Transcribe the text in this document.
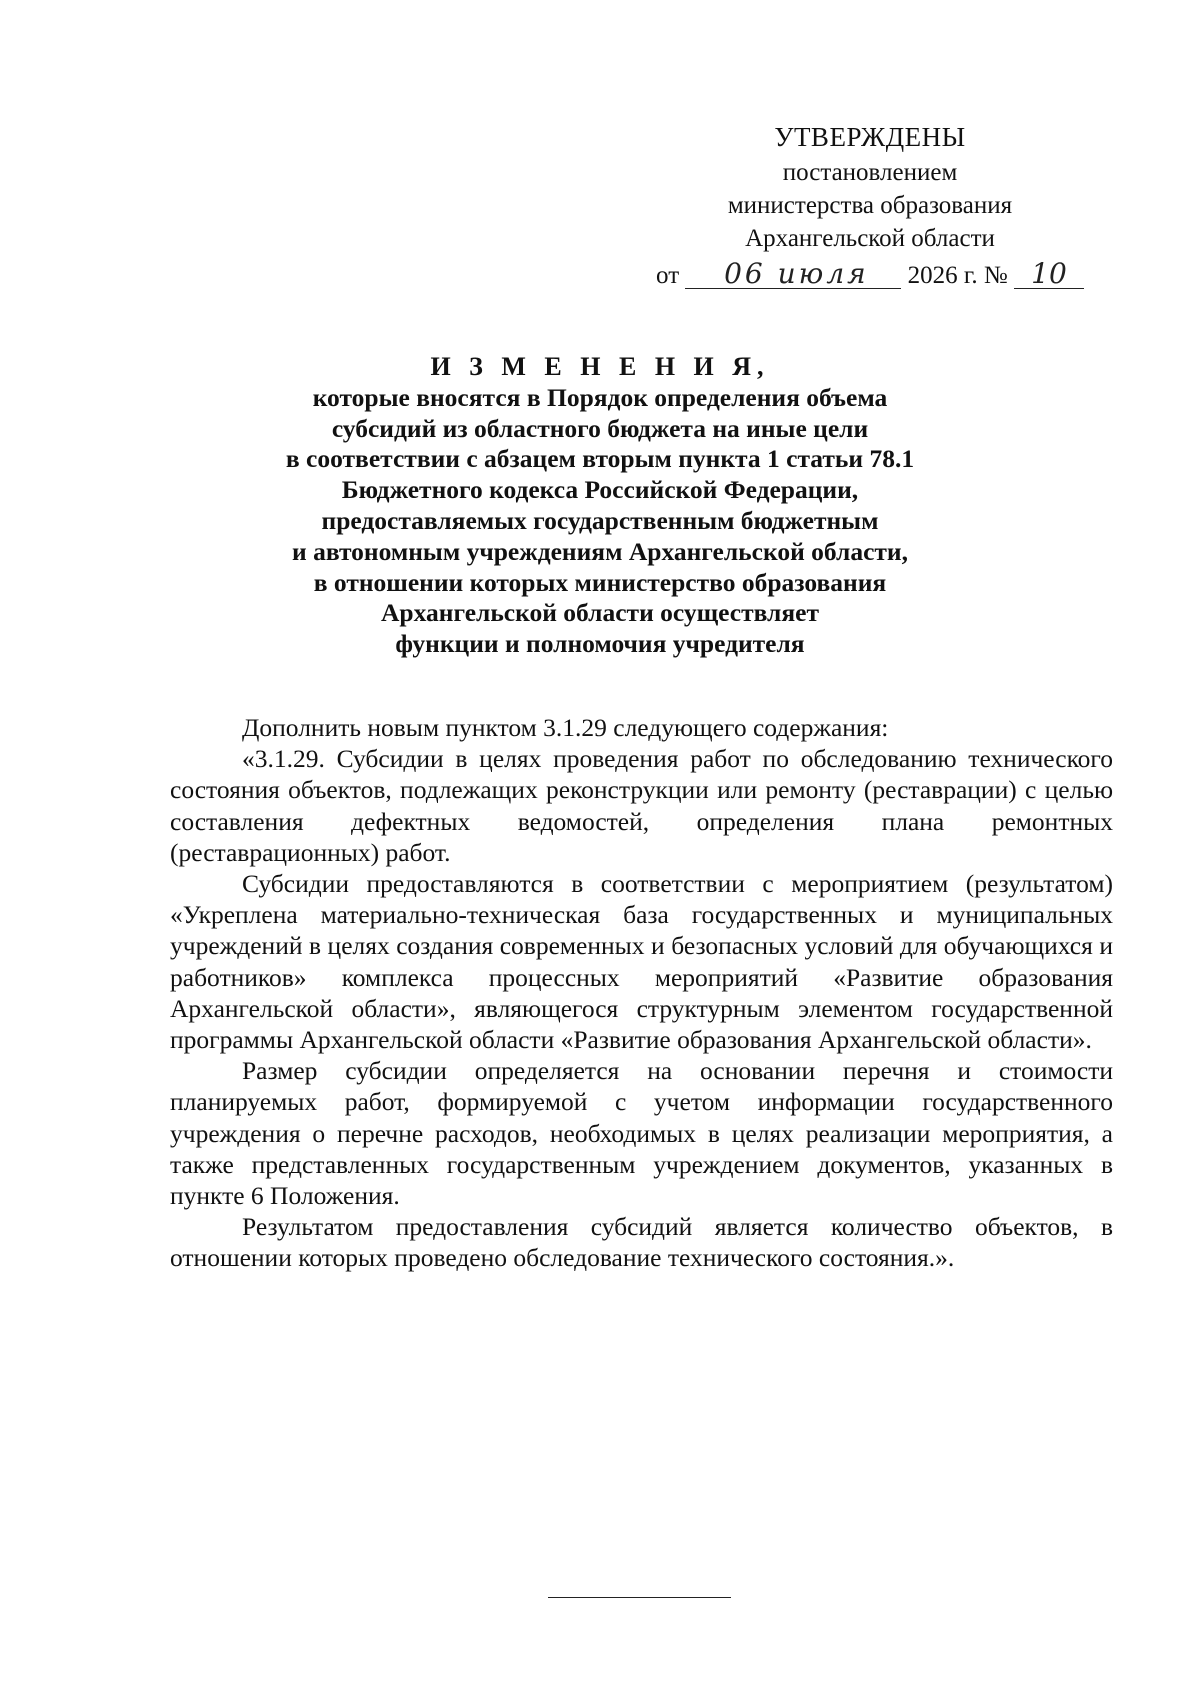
УТВЕРЖДЕНЫ
постановлением
министерства образования
Архангельской области
от 06 июля 2026 г. № 10
И З М Е Н Е Н И Я,
которые вносятся в Порядок определения объема
субсидий из областного бюджета на иные цели
в соответствии с абзацем вторым пункта 1 статьи 78.1
Бюджетного кодекса Российской Федерации,
предоставляемых государственным бюджетным
и автономным учреждениям Архангельской области,
в отношении которых министерство образования
Архангельской области осуществляет
функции и полномочия учредителя

Дополнить новым пунктом 3.1.29 следующего содержания:

«3.1.29. Субсидии в целях проведения работ по обследованию технического состояния объектов, подлежащих реконструкции или ремонту (реставрации) с целью составления дефектных ведомостей, определения плана ремонтных (реставрационных) работ.

Субсидии предоставляются в соответствии с мероприятием (результатом) «Укреплена материально-техническая база государственных и муниципальных учреждений в целях создания современных и безопасных условий для обучающихся и работников» комплекса процессных мероприятий «Развитие образования Архангельской области», являющегося структурным элементом государственной программы Архангельской области «Развитие образования Архангельской области».

Размер субсидии определяется на основании перечня и стоимости планируемых работ, формируемой с учетом информации государственного учреждения о перечне расходов, необходимых в целях реализации мероприятия, а также представленных государственным учреждением документов, указанных в пункте 6 Положения.

Результатом предоставления субсидий является количество объектов, в отношении которых проведено обследование технического состояния.».
